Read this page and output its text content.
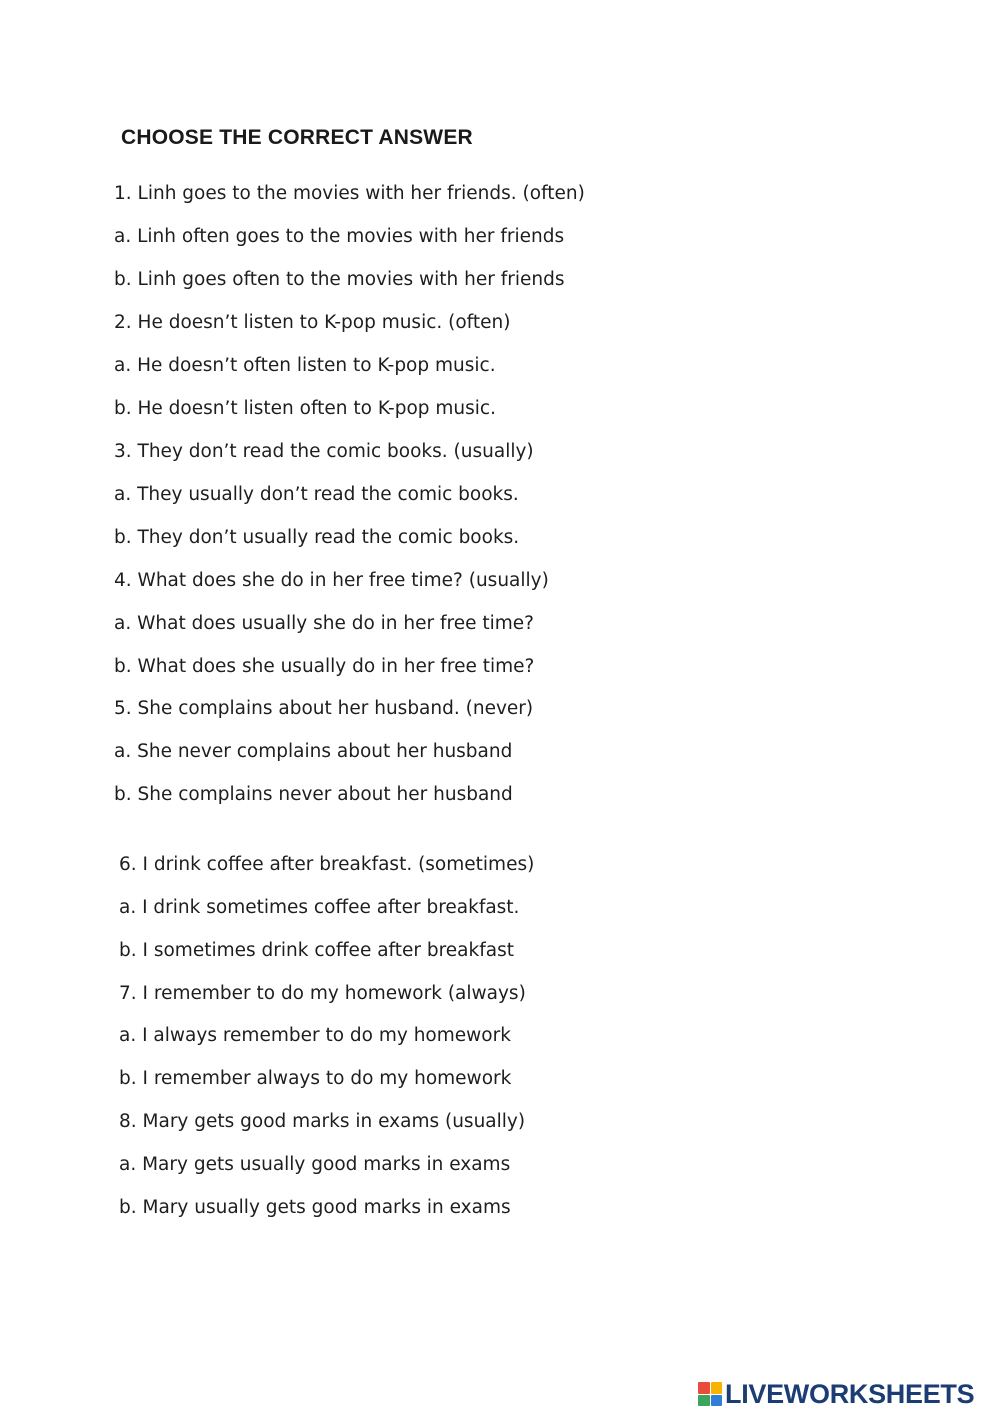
CHOOSE THE CORRECT ANSWER
1. Linh goes to the movies with her friends. (often)
a. Linh often goes to the movies with her friends
b. Linh goes often to the movies with her friends
2. He doesn’t listen to K-pop music. (often)
a. He doesn’t often listen to K-pop music.
b. He doesn’t listen often to K-pop music.
3. They don’t read the comic books. (usually)
a. They usually don’t read the comic books.
b. They don’t usually read the comic books.
4. What does she do in her free time? (usually)
a. What does usually she do in her free time?
b. What does she usually do in her free time?
5. She complains about her husband. (never)
a. She never complains about her husband
b. She complains never about her husband
6. I drink coffee after breakfast. (sometimes)
a. I drink sometimes coffee after breakfast.
b. I sometimes drink coffee after breakfast
7. I remember to do my homework (always)
a. I always remember to do my homework
b. I remember always to do my homework
8. Mary gets good marks in exams (usually)
a. Mary gets usually good marks in exams
b. Mary usually gets good marks in exams
LIVEWORKSHEETS
